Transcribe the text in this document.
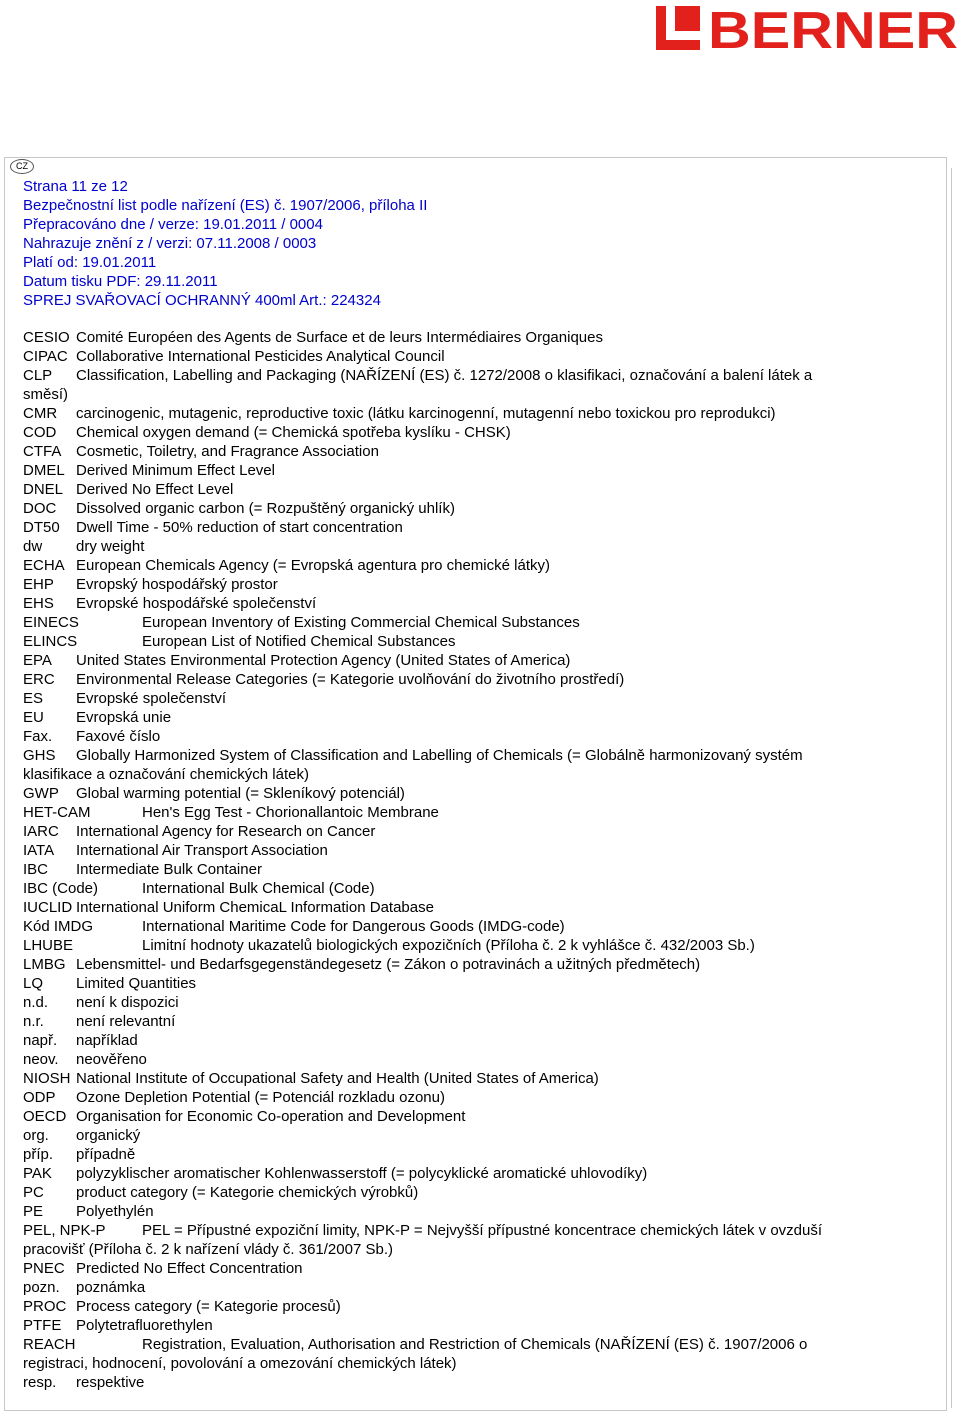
BERNER
CZ
Strana 11 ze 12
Bezpečnostní list podle nařízení (ES) č. 1907/2006, příloha II
Přepracováno dne / verze: 19.01.2011 / 0004
Nahrazuje znění z / verzi: 07.11.2008 / 0003
Platí od: 19.01.2011
Datum tisku PDF: 29.11.2011
SPREJ SVAŘOVACÍ OCHRANNÝ 400ml Art.: 224324
CESIO Comité Européen des Agents de Surface et de leurs Intermédiaires Organiques
CIPAC Collaborative International Pesticides Analytical Council
CLP Classification, Labelling and Packaging (NAŘÍZENÍ (ES) č. 1272/2008 o klasifikaci, označování a balení látek a
směsí)
CMR carcinogenic, mutagenic, reproductive toxic (látku karcinogenní, mutagenní nebo toxickou pro reprodukci)
COD Chemical oxygen demand (= Chemická spotřeba kyslíku - CHSK)
CTFA Cosmetic, Toiletry, and Fragrance Association
DMEL Derived Minimum Effect Level
DNEL Derived No Effect Level
DOC Dissolved organic carbon (= Rozpuštěný organický uhlík)
DT50 Dwell Time - 50% reduction of start concentration
dw dry weight
ECHA European Chemicals Agency (= Evropská agentura pro chemické látky)
EHP Evropský hospodářský prostor
EHS Evropské hospodářské společenství
EINECS	European Inventory of Existing Commercial Chemical Substances
ELINCS	European List of Notified Chemical Substances
EPA United States Environmental Protection Agency (United States of America)
ERC Environmental Release Categories (= Kategorie uvolňování do životního prostředí)
ES Evropské společenství
EU Evropská unie
Fax. Faxové číslo
GHS Globally Harmonized System of Classification and Labelling of Chemicals (= Globálně harmonizovaný systém
klasifikace a označování chemických látek)
GWP Global warming potential (= Skleníkový potenciál)
HET-CAM	Hen's Egg Test - Chorionallantoic Membrane
IARC International Agency for Research on Cancer
IATA International Air Transport Association
IBC Intermediate Bulk Container
IBC (Code)	International Bulk Chemical (Code)
IUCLID International Uniform ChemicaL Information Database
Kód IMDG	International Maritime Code for Dangerous Goods (IMDG-code)
LHUBE	Limitní hodnoty ukazatelů biologických expozičních (Příloha č. 2 k vyhlášce č. 432/2003 Sb.)
LMBG Lebensmittel- und Bedarfsgegenständegesetz (= Zákon o potravinách a užitných předmětech)
LQ Limited Quantities
n.d. není k dispozici
n.r. není relevantní
např. například
neov. neověřeno
NIOSH National Institute of Occupational Safety and Health (United States of America)
ODP Ozone Depletion Potential (= Potenciál rozkladu ozonu)
OECD Organisation for Economic Co-operation and Development
org. organický
příp. případně
PAK polyzyklischer aromatischer Kohlenwasserstoff (= polycyklické aromatické uhlovodíky)
PC product category (= Kategorie chemických výrobků)
PE Polyethylén
PEL, NPK-P PEL = Přípustné expoziční limity, NPK-P = Nejvyšší přípustné koncentrace chemických látek v ovzduší
pracovišť (Příloha č. 2 k nařízení vlády č. 361/2007 Sb.)
PNEC Predicted No Effect Concentration
pozn. poznámka
PROC Process category (= Kategorie procesů)
PTFE Polytetrafluorethylen
REACH	Registration, Evaluation, Authorisation and Restriction of Chemicals (NAŘÍZENÍ (ES) č. 1907/2006 o
registraci, hodnocení, povolování a omezování chemických látek)
resp. respektive
